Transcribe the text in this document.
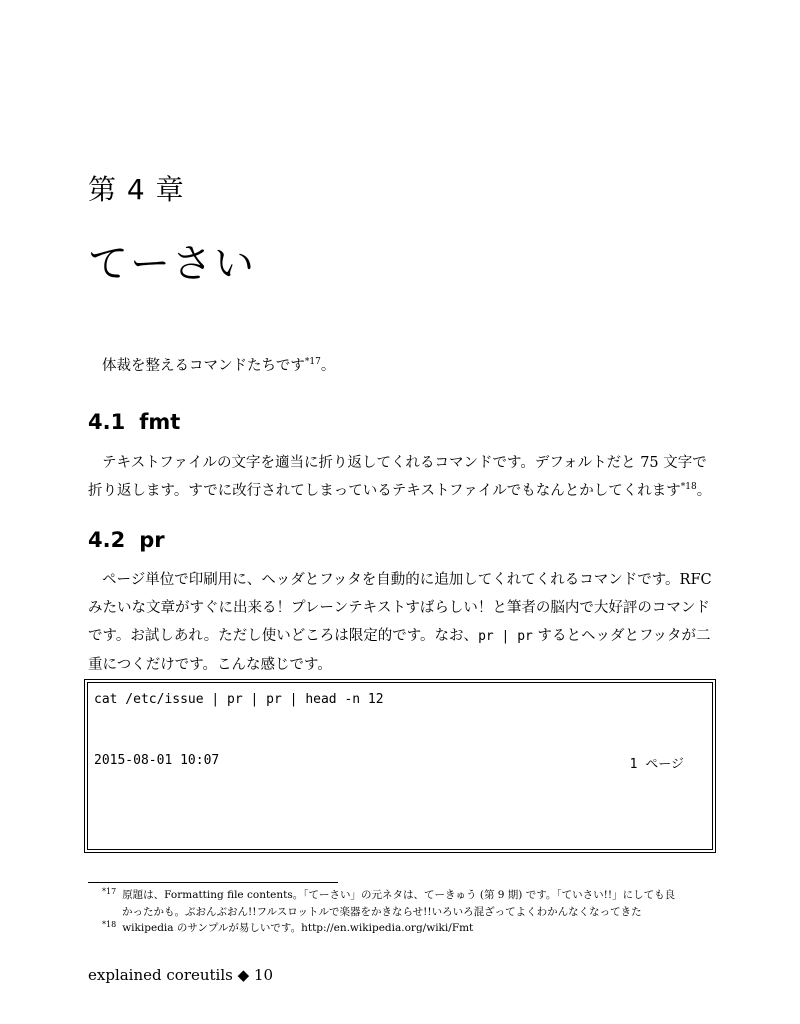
第 4 章
てーさい

体裁を整えるコマンドたちです$^{*17}$。

4.1 fmt

テキストファイルの文字を適当に折り返してくれるコマンドです。デフォルトだと 75 文字で折り返します。すでに改行されてしまっているテキストファイルでもなんとかしてくれます$^{*18}$。

4.2 pr

ページ単位で印刷用に、ヘッダとフッタを自動的に追加してくれてくれるコマンドです。RFC みたいな文章がすぐに出来る！プレーンテキストすばらしい！と筆者の脳内で大好評のコマンドです。お試しあれ。ただし使いどころは限定的です。なお、pr | pr するとヘッダとフッタが二重につくだけです。こんな感じです。

cat /etc/issue | pr | pr | head -n 12
2015-08-01 10:07	1 ページ
$^{*17}$ 原題は、Formatting file contents。「てーさい」の元ネタは、てーきゅう (第 9 期) です。「ていさい!!」にしても良
かったかも。ぶおんぶおん!!フルスロットルで楽器をかきならせ!!いろいろ混ざってよくわかんなくなってきた
$^{*18}$ wikipedia のサンプルが易しいです。http://en.wikipedia.org/wiki/Fmt
explained coreutils ◆ 10
